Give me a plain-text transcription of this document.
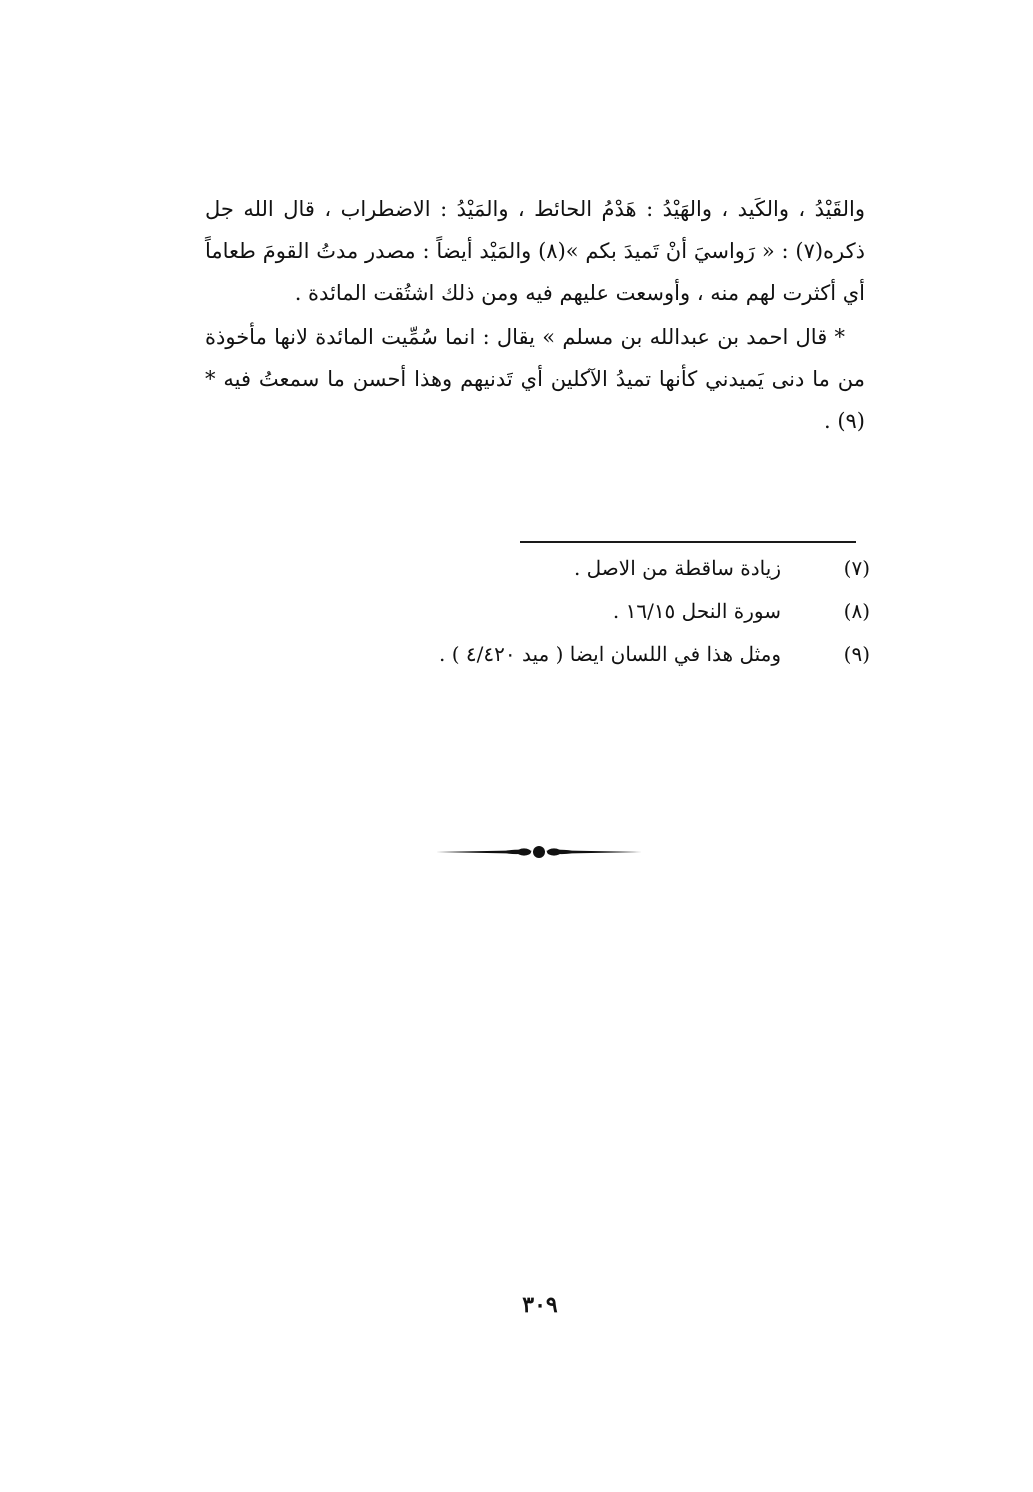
والقَيْدُ ، والكَيد ، والهَيْدُ : هَدْمُ الحائط ، والمَيْدُ : الاضطراب ، قال الله جل ذكره(٧) : « رَواسيَ أنْ تَميدَ بكم »(٨) والمَيْد أيضاً : مصدر مدتُ القومَ طعاماً أي أكثرت لهم منه ، وأوسعت عليهم فيه ومن ذلك اشتُقت المائدة .

* قال احمد بن عبدالله بن مسلم » يقال : انما سُمِّيت المائدة لانها مأخوذة من ما دنى يَميدني كأنها تميدُ الآكلين أي تَدنيهم وهذا أحسن ما سمعتُ فيه *(٩) .

(٧)
زيادة ساقطة من الاصل .
(٨)
سورة النحل ١٦/١٥ .
(٩)
ومثل هذا في اللسان ايضا ( ميد ٤/٤٢٠ ) .
٣٠٩
